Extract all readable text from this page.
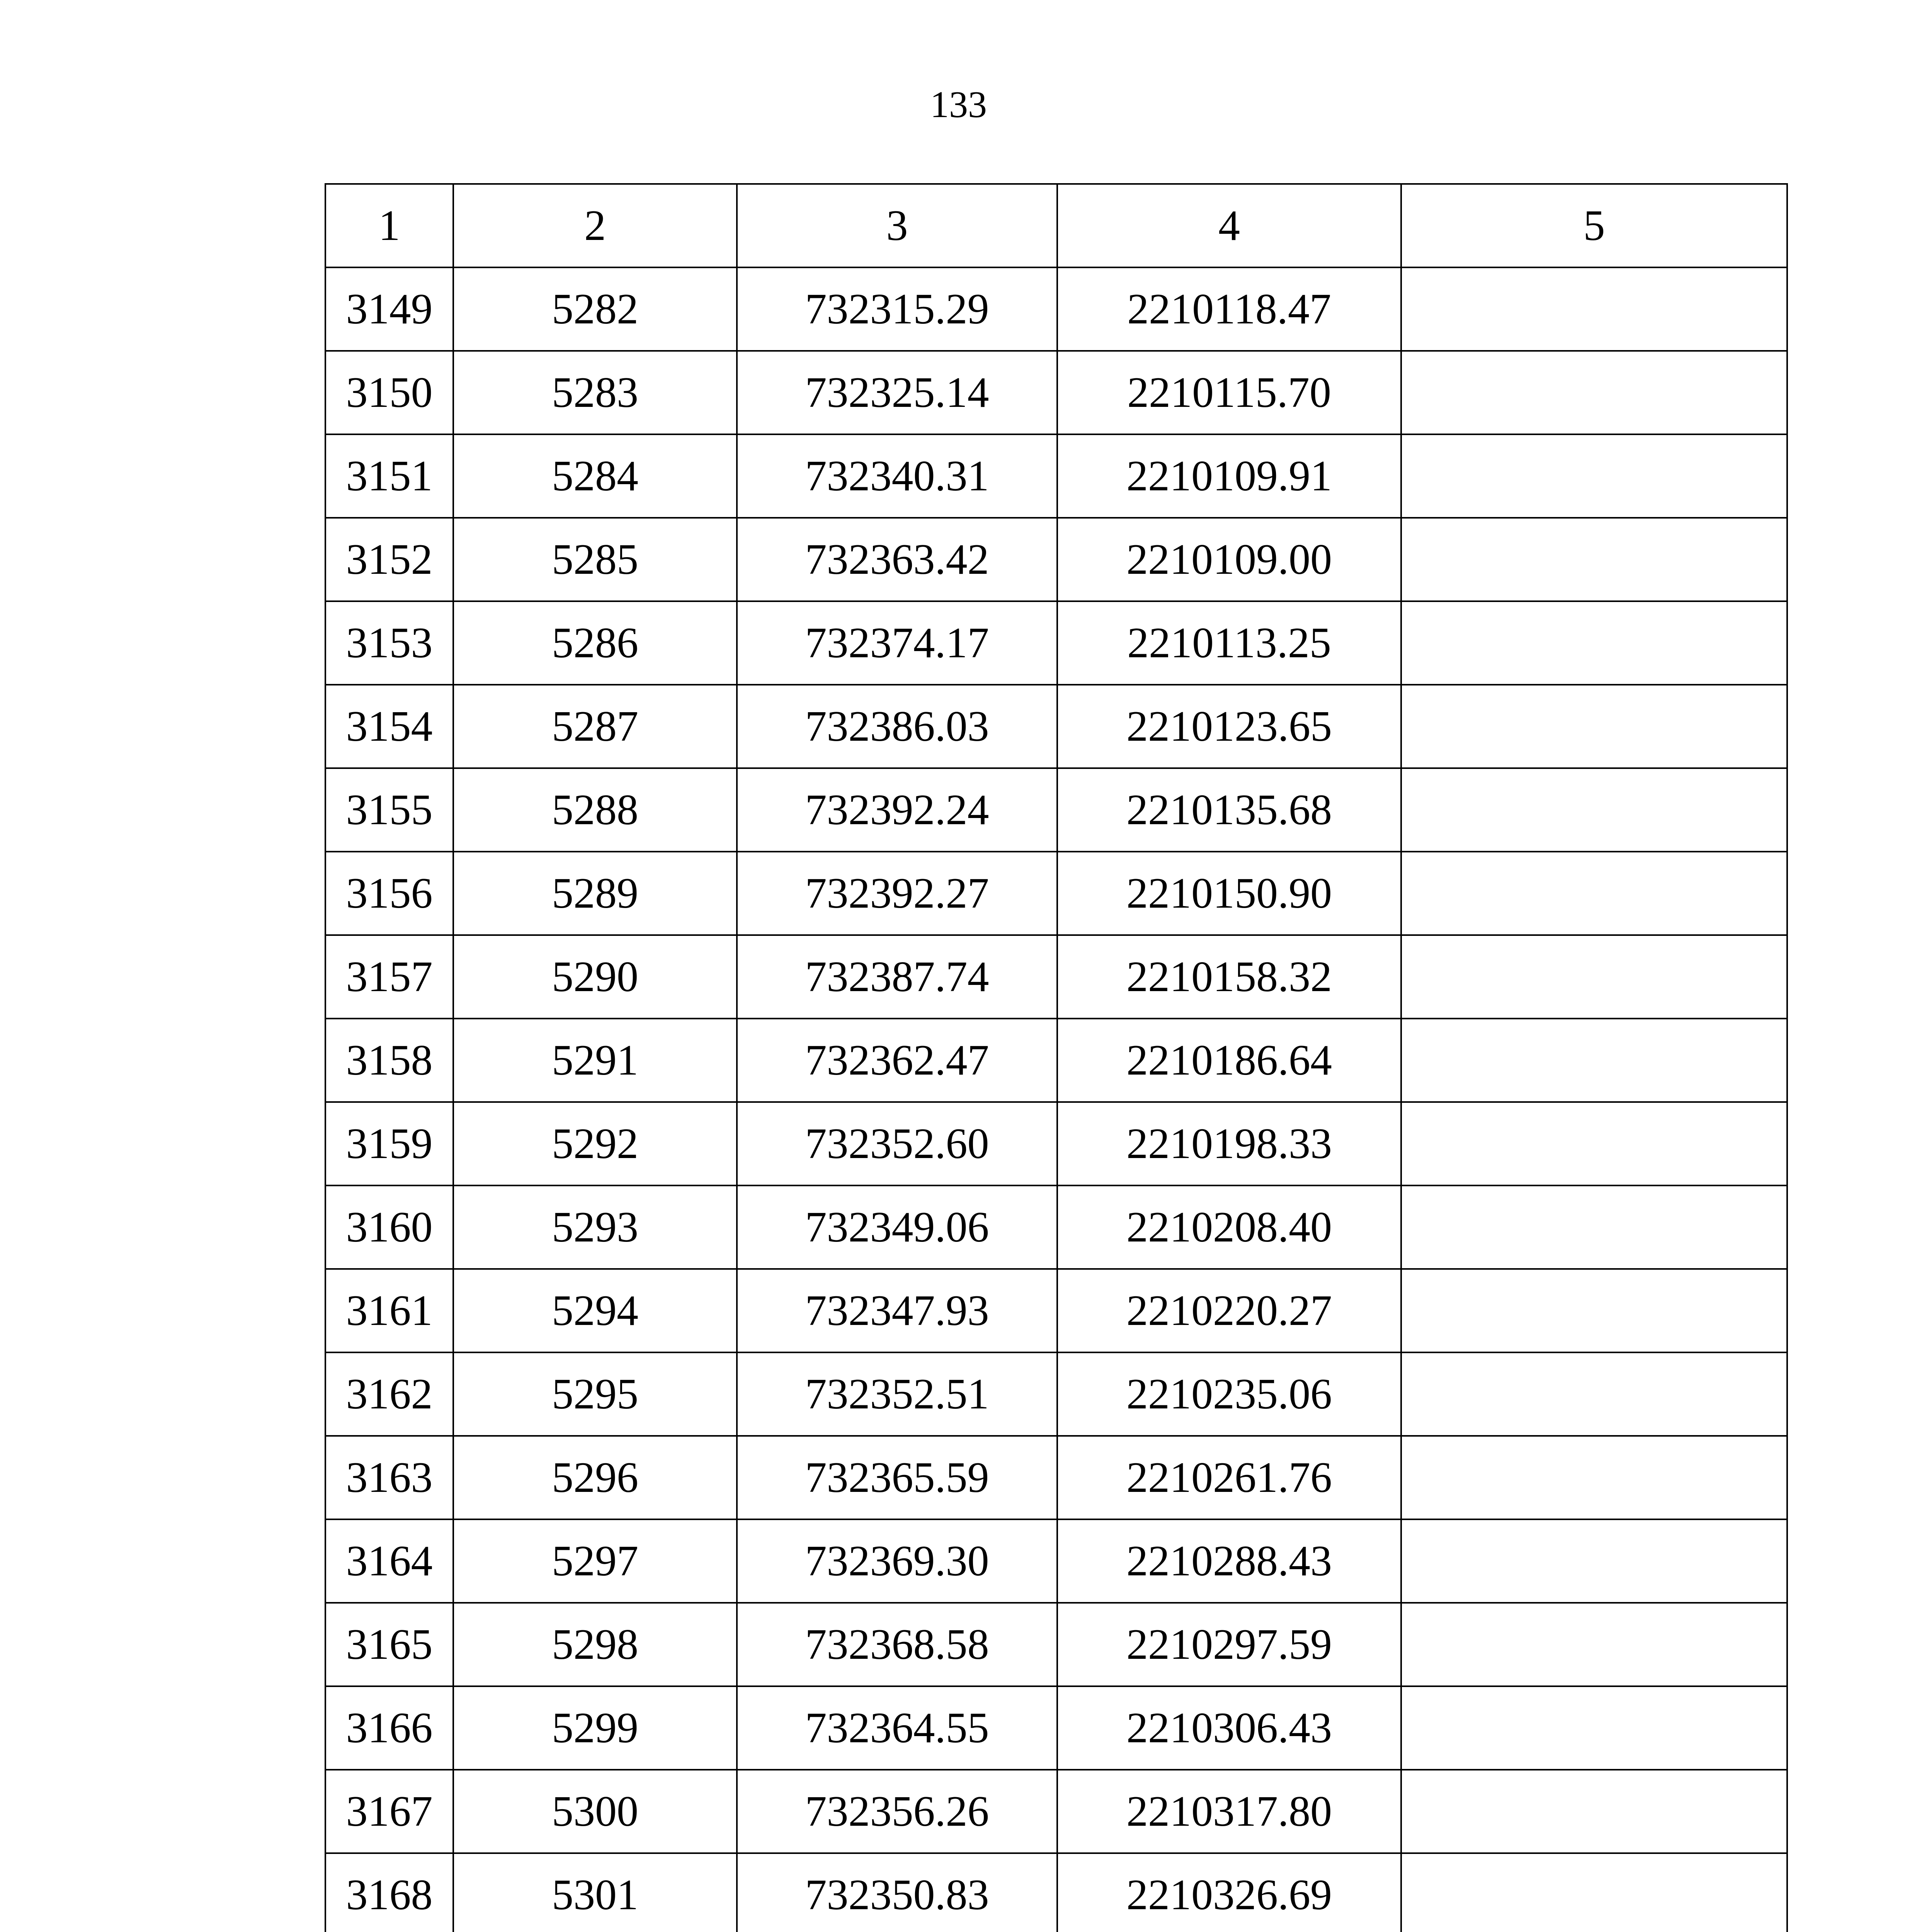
133
1	2	3	4	5
3149	5282	732315.29	2210118.47	
3150	5283	732325.14	2210115.70	
3151	5284	732340.31	2210109.91	
3152	5285	732363.42	2210109.00	
3153	5286	732374.17	2210113.25	
3154	5287	732386.03	2210123.65	
3155	5288	732392.24	2210135.68	
3156	5289	732392.27	2210150.90	
3157	5290	732387.74	2210158.32	
3158	5291	732362.47	2210186.64	
3159	5292	732352.60	2210198.33	
3160	5293	732349.06	2210208.40	
3161	5294	732347.93	2210220.27	
3162	5295	732352.51	2210235.06	
3163	5296	732365.59	2210261.76	
3164	5297	732369.30	2210288.43	
3165	5298	732368.58	2210297.59	
3166	5299	732364.55	2210306.43	
3167	5300	732356.26	2210317.80	
3168	5301	732350.83	2210326.69	
